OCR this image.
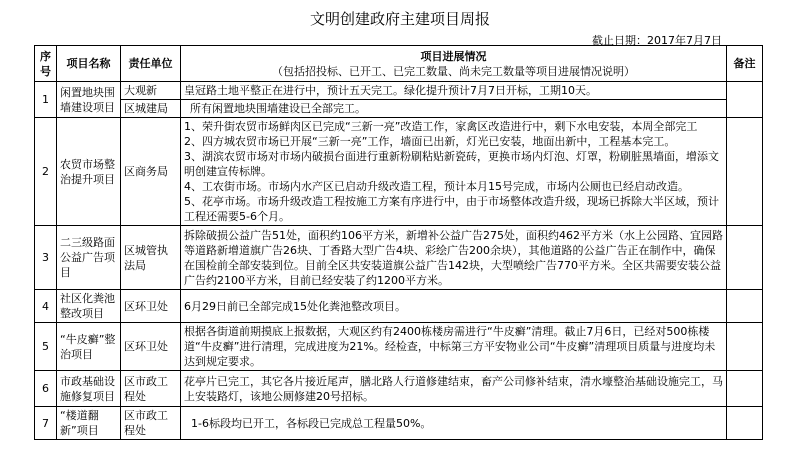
文明创建政府主建项目周报
截止日期：2017年7月7日
序号	项目名称	责任单位	项目进展情况
（包括招投标、已开工、已完工数量、尚未完工数量等项目进展情况说明）	备注
1	闲置地块围墙建设项目	大观新	皇冠路土地平整正在进行中，预计五天完工。绿化提升预计7月7日开标，工期10天。	
		区城建局	所有闲置地块围墙建设已全部完工。	
2	农贸市场整治提升项目	区商务局	1、荣升街农贸市场鲜肉区已完成“三新一亮”改造工作，家禽区改造进行中，剩下水电安装，本周全部完工
2、四方城农贸市场已开展“三新一亮”工作，墙面已出新，灯光已安装，地面出新中，工程基本完工。
3、湖滨农贸市场对市场内破损台面进行重新粉刷粘贴新瓷砖，更换市场内灯泡、灯罩，粉刷脏黑墙面，增添文明创建宣传标牌。
4、工农街市场。市场内水产区已启动升级改造工程，预计本月15号完成，市场内公厕也已经启动改造。
5、花亭市场。市场升级改造工程按施工方案有序进行中，由于市场整体改造升级，现场已拆除大半区域，预计工程还需要5-6个月。	

3	二三级路面公益广告项目	区城管执法局	拆除破损公益广告51处，面积约106平方米，新增补公益广告275处，面积约462平方米（水上公园路、宜园路等道路新增道旗广告26块、丁香路大型广告4块、彩绘广告200余块），其他道路的公益广告正在制作中，确保在国检前全部安装到位。目前全区共安装道旗公益广告142块，大型喷绘广告770平方米。全区共需要安装公益广告约2100平方米，目前已经安装了约1200平方米。	
4	社区化粪池整改项目	区环卫处	6月29日前已全部完成15处化粪池整改项目。	
5	“牛皮癣”整治项目	区环卫处	根据各街道前期摸底上报数据，大观区约有2400栋楼房需进行“牛皮癣”清理。截止7月6日，已经对500栋楼道“牛皮癣”进行清理，完成进度为21%。经检查，中标第三方平安物业公司“牛皮癣”清理项目质量与进度均未达到规定要求。	
6	市政基础设施修复项目	区市政工程处	花亭片已完工，其它各片接近尾声，膳北路人行道修建结束，畜产公司修补结束，清水壕整治基础设施完工，马上安装路灯，该地公厕修建20号招标。	
7	“楼道翻新”项目	区市政工程处	1-6标段均已开工，各标段已完成总工程量50%。	
